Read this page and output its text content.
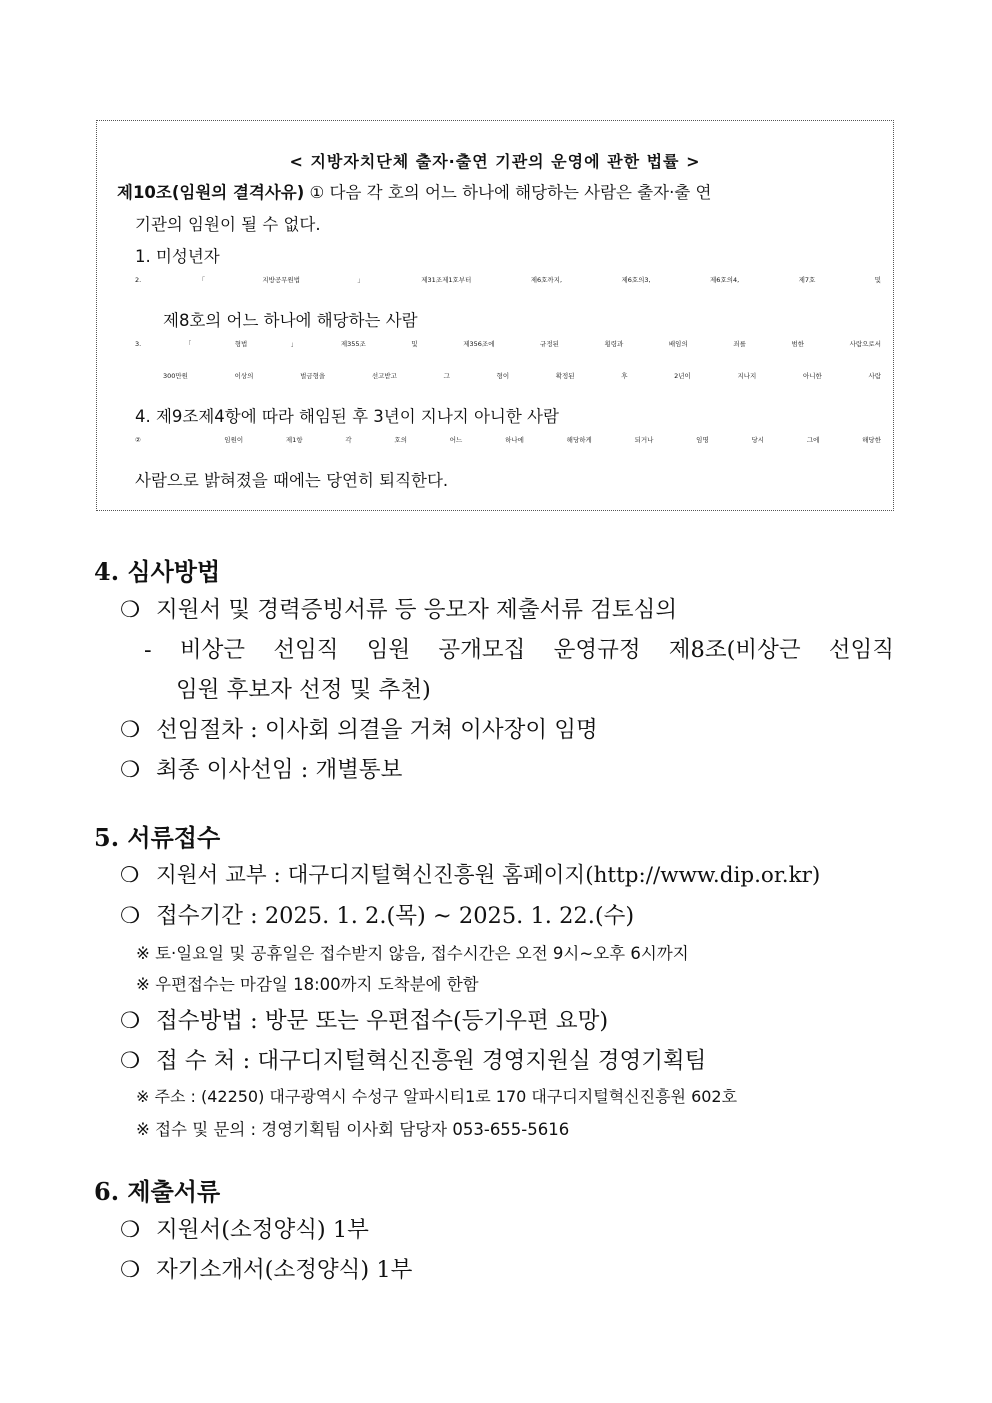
< 지방자치단체 출자·출연 기관의 운영에 관한 법률 >
제10조(임원의 결격사유) ① 다음 각 호의 어느 하나에 해당하는 사람은 출자·출 연
기관의 임원이 될 수 없다.
1. 미성년자
2.「지방공무원법」제31조제1호부터 제6호까지, 제6호의3, 제6호의4, 제7호 및
제8호의 어느 하나에 해당하는 사람
3.「형법」제355조 및 제356조에 규정된 횡령과 배임의 죄를 범한 사람으로서
300만원 이상의 벌금형을 선고받고 그 형이 확정된 후 2년이 지나지 아니한 사람
4. 제9조제4항에 따라 해임된 후 3년이 지나지 아니한 사람
② 임원이 제1항 각 호의 어느 하나에 해당하게 되거나 임명 당시 그에 해당한
사람으로 밝혀졌을 때에는 당연히 퇴직한다.
4. 심사방법
❍ 지원서 및 경력증빙서류 등 응모자 제출서류 검토심의
- 비상근 선임직 임원 공개모집 운영규정 제8조(비상근 선임직
임원 후보자 선정 및 추천)
❍ 선임절차 : 이사회 의결을 거쳐 이사장이 임명
❍ 최종 이사선임 : 개별통보
5. 서류접수
❍ 지원서 교부 : 대구디지털혁신진흥원 홈페이지(http://www.dip.or.kr)
❍ 접수기간 : 2025. 1. 2.(목) ~ 2025. 1. 22.(수)
※ 토·일요일 및 공휴일은 접수받지 않음, 접수시간은 오전 9시~오후 6시까지
※ 우편접수는 마감일 18:00까지 도착분에 한함
❍ 접수방법 : 방문 또는 우편접수(등기우편 요망)
❍ 접 수 처 : 대구디지털혁신진흥원 경영지원실 경영기획팀
※ 주소 : (42250) 대구광역시 수성구 알파시티1로 170 대구디지털혁신진흥원 602호
※ 접수 및 문의 : 경영기획팀 이사회 담당자 053-655-5616
6. 제출서류
❍ 지원서(소정양식) 1부
❍ 자기소개서(소정양식) 1부
